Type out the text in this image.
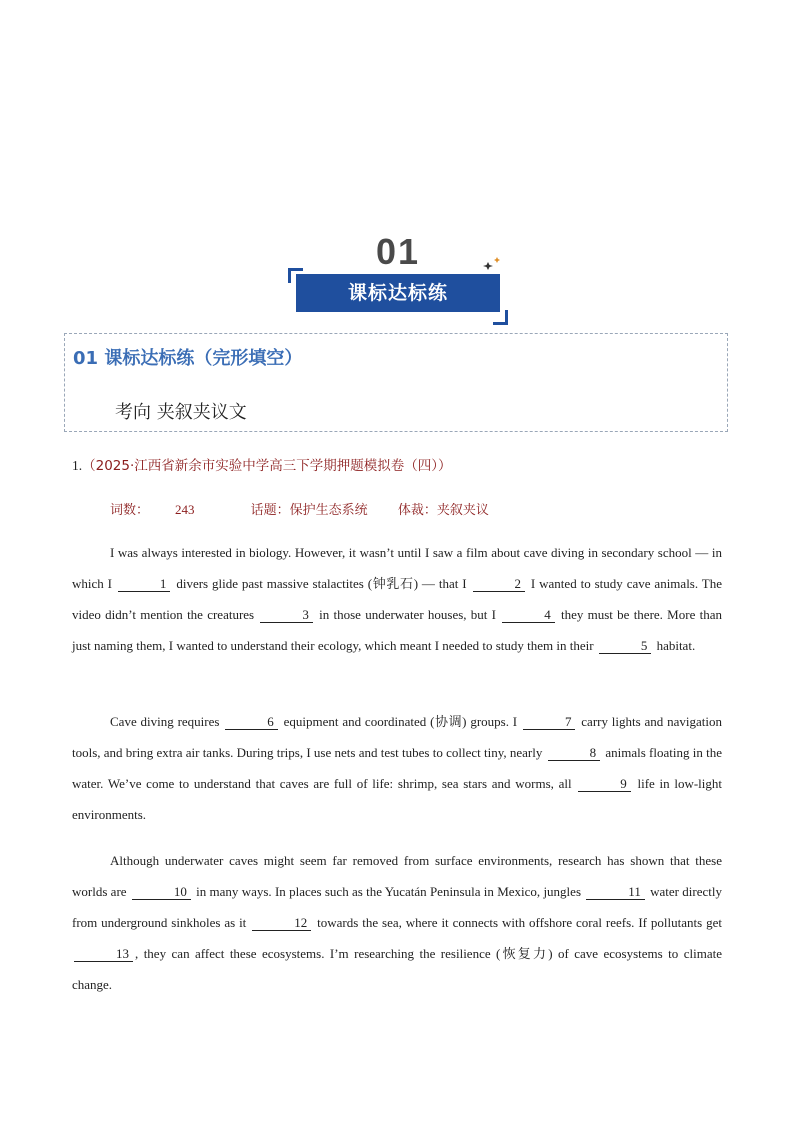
01
课标达标练
01 课标达标练（完形填空）
考向 夹叙夹议文
1.（2025·江西省新余市实验中学高三下学期押题模拟卷（四））
词数： 243	话题：保护生态系统 体裁：夹叙夹议

I was always interested in biology. However, it wasn’t until I saw a film about cave diving in secondary school — in which I	1 divers glide past massive stalactites (钟乳石) — that I	2 I wanted to study cave animals. The video didn’t mention the creatures	3 in those underwater houses, but I	4 they must be there. More than just naming them, I wanted to understand their ecology, which meant I needed to study them in their	5 habitat.

Cave diving requires	6 equipment and coordinated (协调) groups. I	7 carry lights and navigation tools, and bring extra air tanks. During trips, I use nets and test tubes to collect tiny, nearly	8 animals floating in the water. We’ve come to understand that caves are full of life: shrimp, sea stars and worms, all	9 life in low-light environments.

Although underwater caves might seem far removed from surface environments, research has shown that these worlds are	10 in many ways. In places such as the Yucatán Peninsula in Mexico, jungles	11 water directly from underground sinkholes as it	12 towards the sea, where it connects with offshore coral reefs. If pollutants get 13 , they can affect these ecosystems. I’m researching the resilience (恢复力) of cave ecosystems to climate change.
